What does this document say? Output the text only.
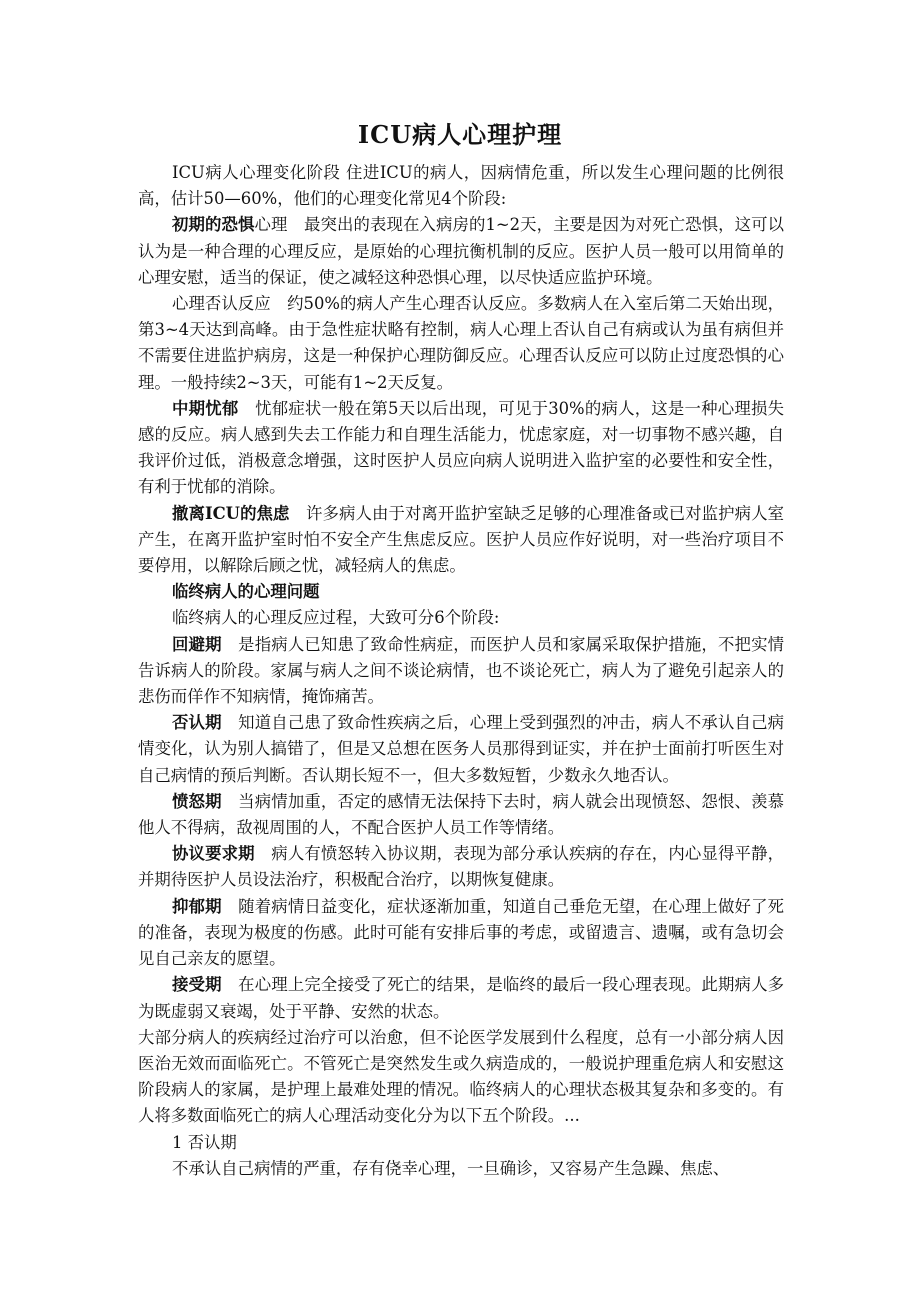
ICU病人心理护理

ICU病人心理变化阶段 住进ICU的病人，因病情危重，所以发生心理问题的比例很高，估计50—60%，他们的心理变化常见4个阶段:

初期的恐惧心理　最突出的表现在入病房的1~2天，主要是因为对死亡恐惧，这可以认为是一种合理的心理反应，是原始的心理抗衡机制的反应。医护人员一般可以用简单的心理安慰，适当的保证，使之减轻这种恐惧心理，以尽快适应监护环境。

心理否认反应　约50%的病人产生心理否认反应。多数病人在入室后第二天始出现，第3~4天达到高峰。由于急性症状略有控制，病人心理上否认自己有病或认为虽有病但并不需要住进监护病房，这是一种保护心理防御反应。心理否认反应可以防止过度恐惧的心理。一般持续2~3天，可能有1~2天反复。

中期忧郁　忧郁症状一般在第5天以后出现，可见于30%的病人，这是一种心理损失感的反应。病人感到失去工作能力和自理生活能力，忧虑家庭，对一切事物不感兴趣，自我评价过低，消极意念增强，这时医护人员应向病人说明进入监护室的必要性和安全性，有利于忧郁的消除。

撤离ICU的焦虑　许多病人由于对离开监护室缺乏足够的心理准备或已对监护病人室产生，在离开监护室时怕不安全产生焦虑反应。医护人员应作好说明，对一些治疗项目不要停用，以解除后顾之忧，减轻病人的焦虑。

临终病人的心理问题

临终病人的心理反应过程，大致可分6个阶段:

回避期　是指病人已知患了致命性病症，而医护人员和家属采取保护措施，不把实情告诉病人的阶段。家属与病人之间不谈论病情，也不谈论死亡，病人为了避免引起亲人的悲伤而佯作不知病情，掩饰痛苦。

否认期　知道自己患了致命性疾病之后，心理上受到强烈的冲击，病人不承认自己病情变化，认为别人搞错了，但是又总想在医务人员那得到证实，并在护士面前打听医生对自己病情的预后判断。否认期长短不一，但大多数短暂，少数永久地否认。

愤怒期　当病情加重，否定的感情无法保持下去时，病人就会出现愤怒、怨恨、羡慕他人不得病，敌视周围的人，不配合医护人员工作等情绪。

协议要求期　病人有愤怒转入协议期，表现为部分承认疾病的存在，内心显得平静，并期待医护人员设法治疗，积极配合治疗，以期恢复健康。

抑郁期　随着病情日益变化，症状逐渐加重，知道自己垂危无望，在心理上做好了死的准备，表现为极度的伤感。此时可能有安排后事的考虑，或留遗言、遗嘱，或有急切会见自己亲友的愿望。

接受期　在心理上完全接受了死亡的结果，是临终的最后一段心理表现。此期病人多为既虚弱又衰竭，处于平静、安然的状态。

大部分病人的疾病经过治疗可以治愈，但不论医学发展到什么程度，总有一小部分病人因医治无效而面临死亡。不管死亡是突然发生或久病造成的，一般说护理重危病人和安慰这阶段病人的家属，是护理上最难处理的情况。临终病人的心理状态极其复杂和多变的。有人将多数面临死亡的病人心理活动变化分为以下五个阶段。...

1 否认期

不承认自己病情的严重，存有侥幸心理，一旦确诊，又容易产生急躁、焦虑、
